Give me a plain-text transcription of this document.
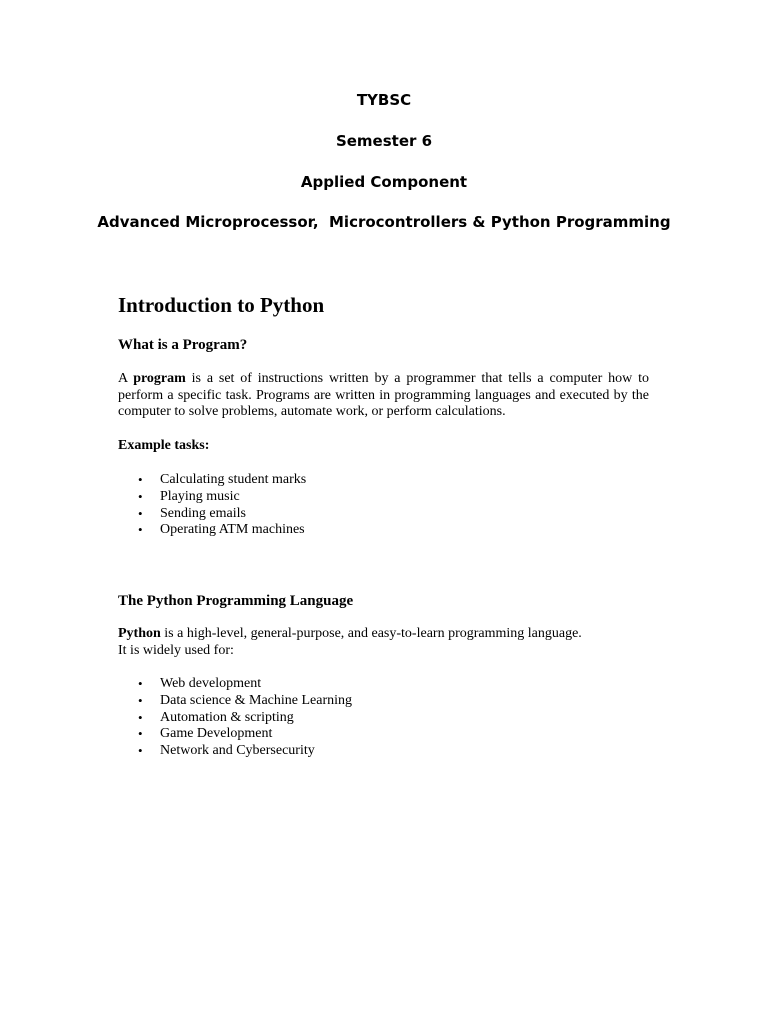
TYBSC
Semester 6
Applied Component
Advanced Microprocessor,  Microcontrollers & Python Programming
Introduction to Python
What is a Program?
A program is a set of instructions written by a programmer that tells a computer how to perform a specific task. Programs are written in programming languages and executed by the computer to solve problems, automate work, or perform calculations.
Example tasks:
• Calculating student marks
• Playing music
• Sending emails
• Operating ATM machines
The Python Programming Language
Python is a high-level, general-purpose, and easy-to-learn programming language.
It is widely used for:
• Web development
• Data science & Machine Learning
• Automation & scripting
• Game Development
• Network and Cybersecurity
